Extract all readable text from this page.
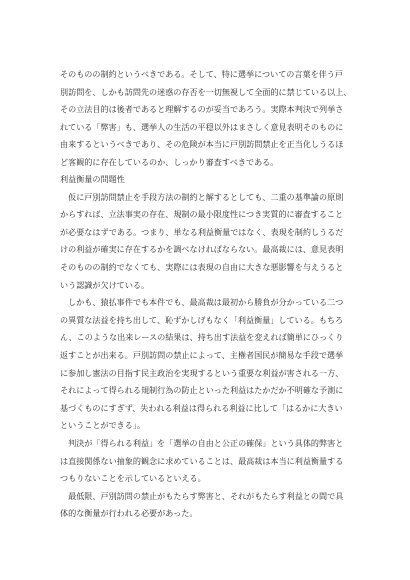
そのものの制約というべきである。そして、特に選挙についての言葉を伴う戸
別訪問を、しかも訪問先の迷惑の存否を一切無視して全面的に禁じている以上、
その立法目的は後者であると理解するのが妥当であろう。実際本判決で列挙さ
れている「弊害」も、選挙人の生活の平穏以外はまさしく意見表明そのものに
由来するというべきであり、その危険が本当に戸別訪問禁止を正当化しうるほ
ど客観的に存在しているのか、しっかり審査すべきである。
利益衡量の問題性
　仮に戸別訪問禁止を手段方法の制約と解するとしても、二重の基準論の原則
からすれば、立法事実の存在、規制の最小限度性につき実質的に審査すること
が必要なはずである。つまり、単なる利益衡量ではなく、表現を制約しうるだ
けの利益が確実に存在するかを調べなければならない。最高裁には、意見表明
そのものの制約でなくても、実際には表現の自由に大きな悪影響を与えうると
いう認識が欠けている。
　しかも、猿払事件でも本件でも、最高裁は最初から勝負が分かっている二つ
の異質な法益を持ち出して、恥ずかしげもなく「利益衡量」している。もちろ
ん、このような出来レースの結果は、持ち出す法益を変えれば簡単にひっくり
返すことが出来る。戸別訪問の禁止によって、主権者国民が簡易な手段で選挙
に参加し憲法の目指す民主政治を実現するという重要な利益が害される一方、
それによって得られる規制行為の防止といった利益はたかだか不明確な予測に
基づくものにすぎず、失われる利益は得られる利益に比して「はるかに大きい
ということができる」。
　判決が「得られる利益」を「選挙の自由と公正の確保」という具体的弊害と
は直接関係ない抽象的観念に求めていることは、最高裁は本当に利益衡量する
つもりないことを示しているといえる。
　最低限、戸別訪問の禁止がもたらす弊害と、それがもたらす利益との間で具
体的な衡量が行われる必要があった。
